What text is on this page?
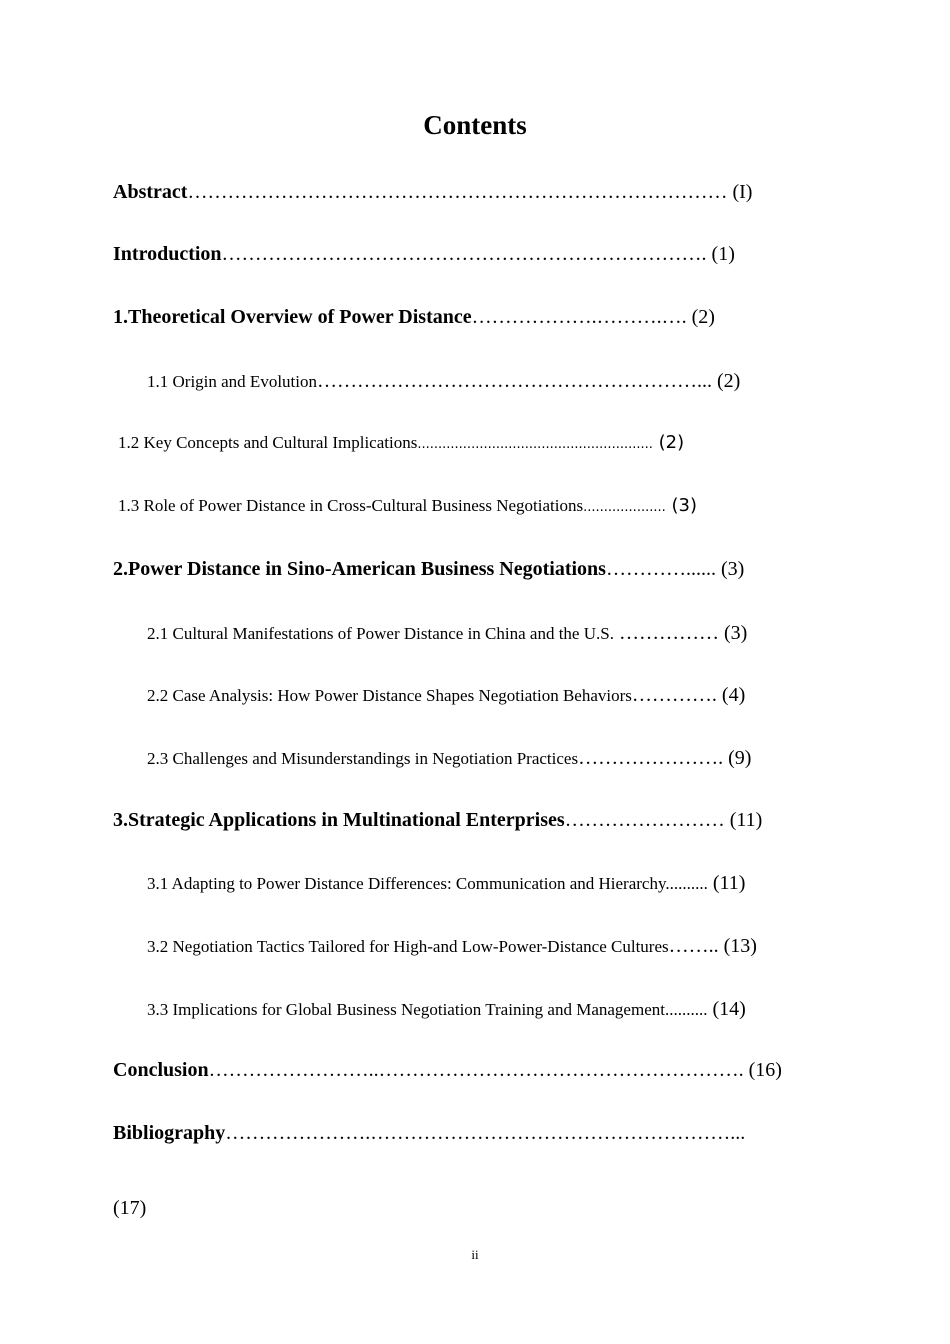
Contents
Abstract……………………………………………………………………… (I)
Introduction………………………………………………………………. (1)
1.Theoretical Overview of Power Distance……………….……….…. (2)
1.1 Origin and Evolution…………………………………………………... (2)
1.2 Key Concepts and Cultural Implications......................................................... (2)
1.3 Role of Power Distance in Cross-Cultural Business Negotiations.................... (3)
2.Power Distance in Sino-American Business Negotiations…………...... (3)
2.1 Cultural Manifestations of Power Distance in China and the U.S. …………… (3)
2.2 Case Analysis: How Power Distance Shapes Negotiation Behaviors…………. (4)
2.3 Challenges and Misunderstandings in Negotiation Practices…………………. (9)
3.Strategic Applications in Multinational Enterprises…………………… (11)
3.1 Adapting to Power Distance Differences: Communication and Hierarchy.......... (11)
3.2 Negotiation Tactics Tailored for High-and Low-Power-Distance Cultures…….. (13)
3.3 Implications for Global Business Negotiation Training and Management.......... (14)
Conclusion……………………..………………………………………………. (16)
Bibliography………………….………………………………………………...
(17)
ii
